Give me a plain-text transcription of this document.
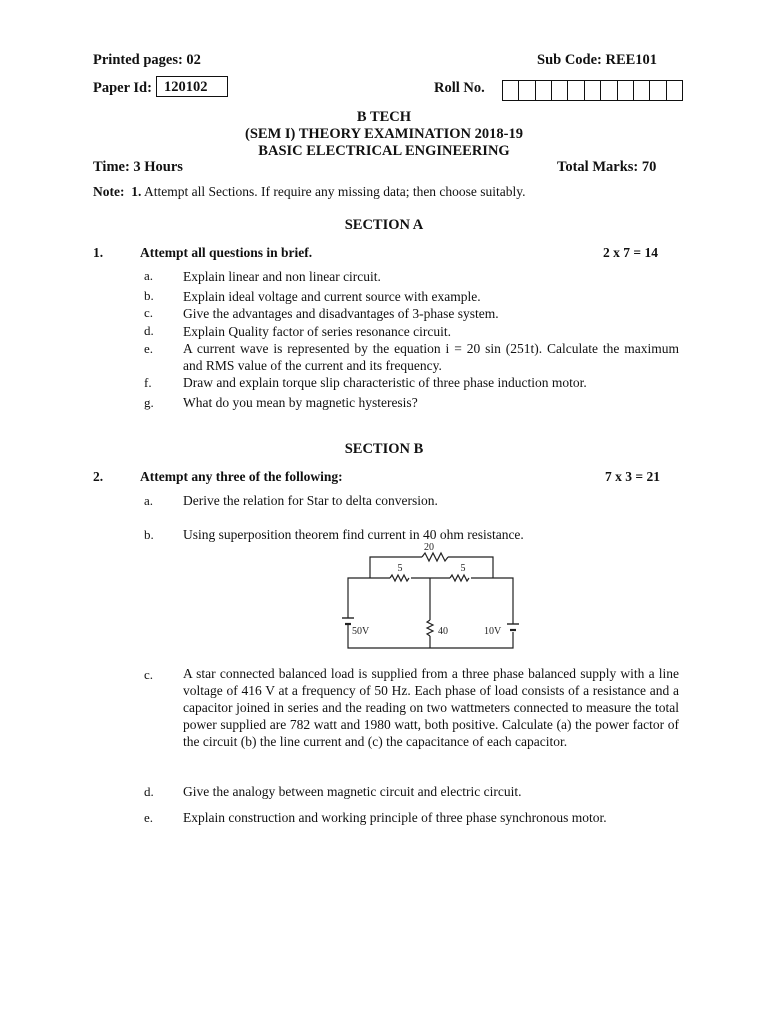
Printed pages: 02	Sub Code: REE101
Paper Id: 120102	Roll No.
B TECH
(SEM I) THEORY EXAMINATION 2018-19
BASIC ELECTRICAL ENGINEERING
Time: 3 Hours	Total Marks: 70
Note: 1. Attempt all Sections. If require any missing data; then choose suitably.
SECTION A
1.	Attempt all questions in brief.	2 x 7 = 14
a. Explain linear and non linear circuit.
b. Explain ideal voltage and current source with example.
c. Give the advantages and disadvantages of 3-phase system.
d. Explain Quality factor of series resonance circuit.
e. A current wave is represented by the equation i = 20 sin (251t). Calculate the maximum and RMS value of the current and its frequency.
f. Draw and explain torque slip characteristic of three phase induction motor.
g. What do you mean by magnetic hysteresis?
SECTION B
2.	Attempt any three of the following:	7 x 3 = 21
a. Derive the relation for Star to delta conversion.
b. Using superposition theorem find current in 40 ohm resistance.
c. A star connected balanced load is supplied from a three phase balanced supply with a line voltage of 416 V at a frequency of 50 Hz. Each phase of load consists of a resistance and a capacitor joined in series and the reading on two wattmeters connected to measure the total power supplied are 782 watt and 1980 watt, both positive. Calculate (a) the power factor of the circuit (b) the line current and (c) the capacitance of each capacitor.
d. Give the analogy between magnetic circuit and electric circuit.
e. Explain construction and working principle of three phase synchronous motor.
20
5	5
40
50V	10V
